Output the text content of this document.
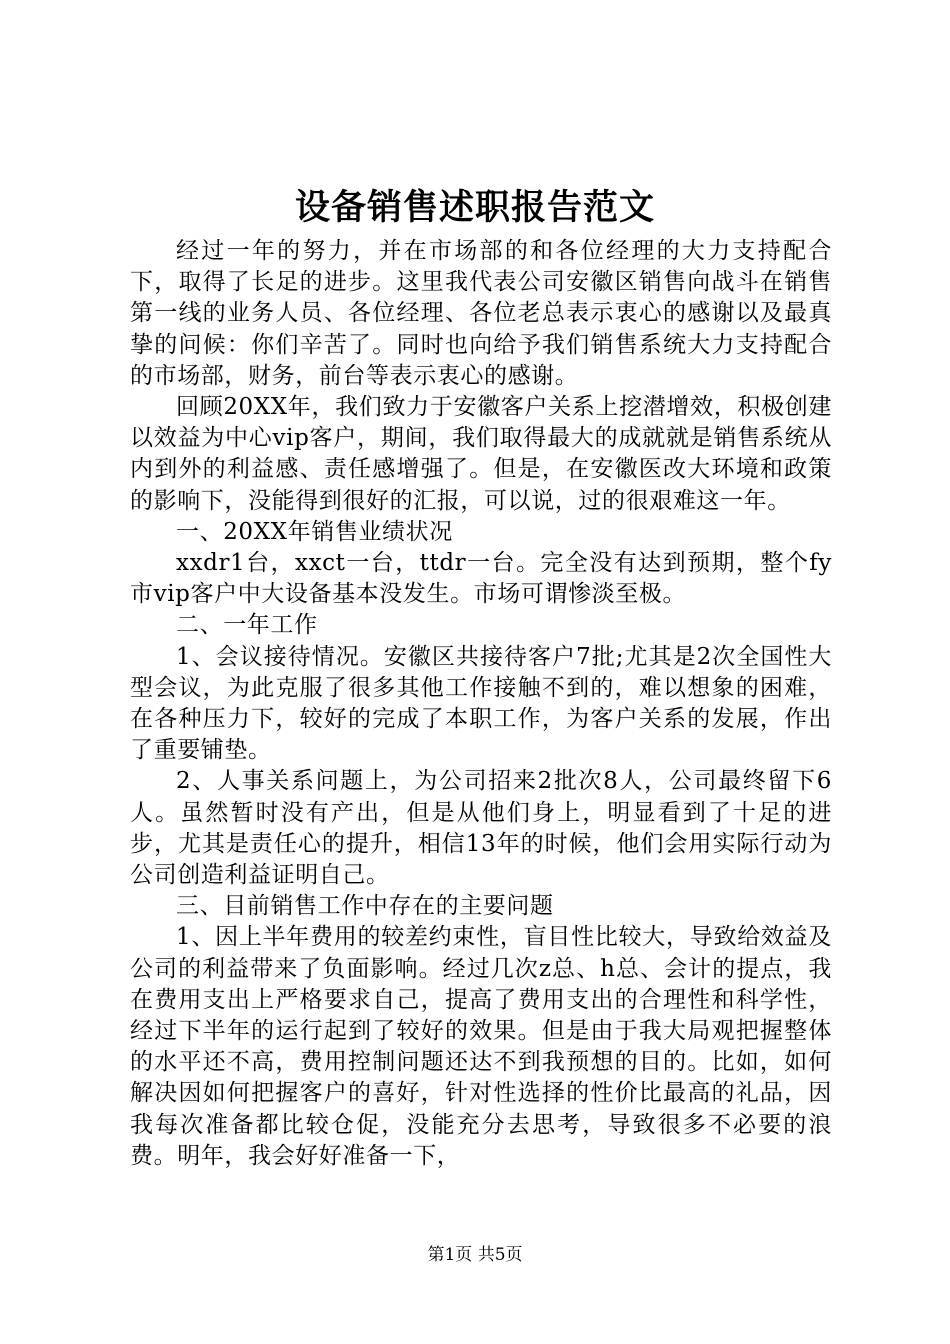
设备销售述职报告范文

经过一年的努力，并在市场部的和各位经理的大力支持配合下，取得了长足的进步。这里我代表公司安徽区销售向战斗在销售第一线的业务人员、各位经理、各位老总表示衷心的感谢以及最真挚的问候：你们辛苦了。同时也向给予我们销售系统大力支持配合的市场部，财务，前台等表示衷心的感谢。

回顾20XX年，我们致力于安徽客户关系上挖潜增效，积极创建以效益为中心vip客户，期间，我们取得最大的成就就是销售系统从内到外的利益感、责任感增强了。但是，在安徽医改大环境和政策的影响下，没能得到很好的汇报，可以说，过的很艰难这一年。

一、20XX年销售业绩状况

xxdr1台，xxct一台，ttdr一台。完全没有达到预期，整个fy市vip客户中大设备基本没发生。市场可谓惨淡至极。

二、一年工作

1、会议接待情况。安徽区共接待客户7批;尤其是2次全国性大型会议，为此克服了很多其他工作接触不到的，难以想象的困难，在各种压力下，较好的完成了本职工作，为客户关系的发展，作出了重要铺垫。

2、人事关系问题上，为公司招来2批次8人，公司最终留下6人。虽然暂时没有产出，但是从他们身上，明显看到了十足的进步，尤其是责任心的提升，相信13年的时候，他们会用实际行动为公司创造利益证明自己。

三、目前销售工作中存在的主要问题

1、因上半年费用的较差约束性，盲目性比较大，导致给效益及公司的利益带来了负面影响。经过几次z总、h总、会计的提点，我在费用支出上严格要求自己，提高了费用支出的合理性和科学性，经过下半年的运行起到了较好的效果。但是由于我大局观把握整体的水平还不高，费用控制问题还达不到我预想的目的。比如，如何解决因如何把握客户的喜好，针对性选择的性价比最高的礼品，因我每次准备都比较仓促，没能充分去思考，导致很多不必要的浪费。明年，我会好好准备一下，

第1页 共5页
